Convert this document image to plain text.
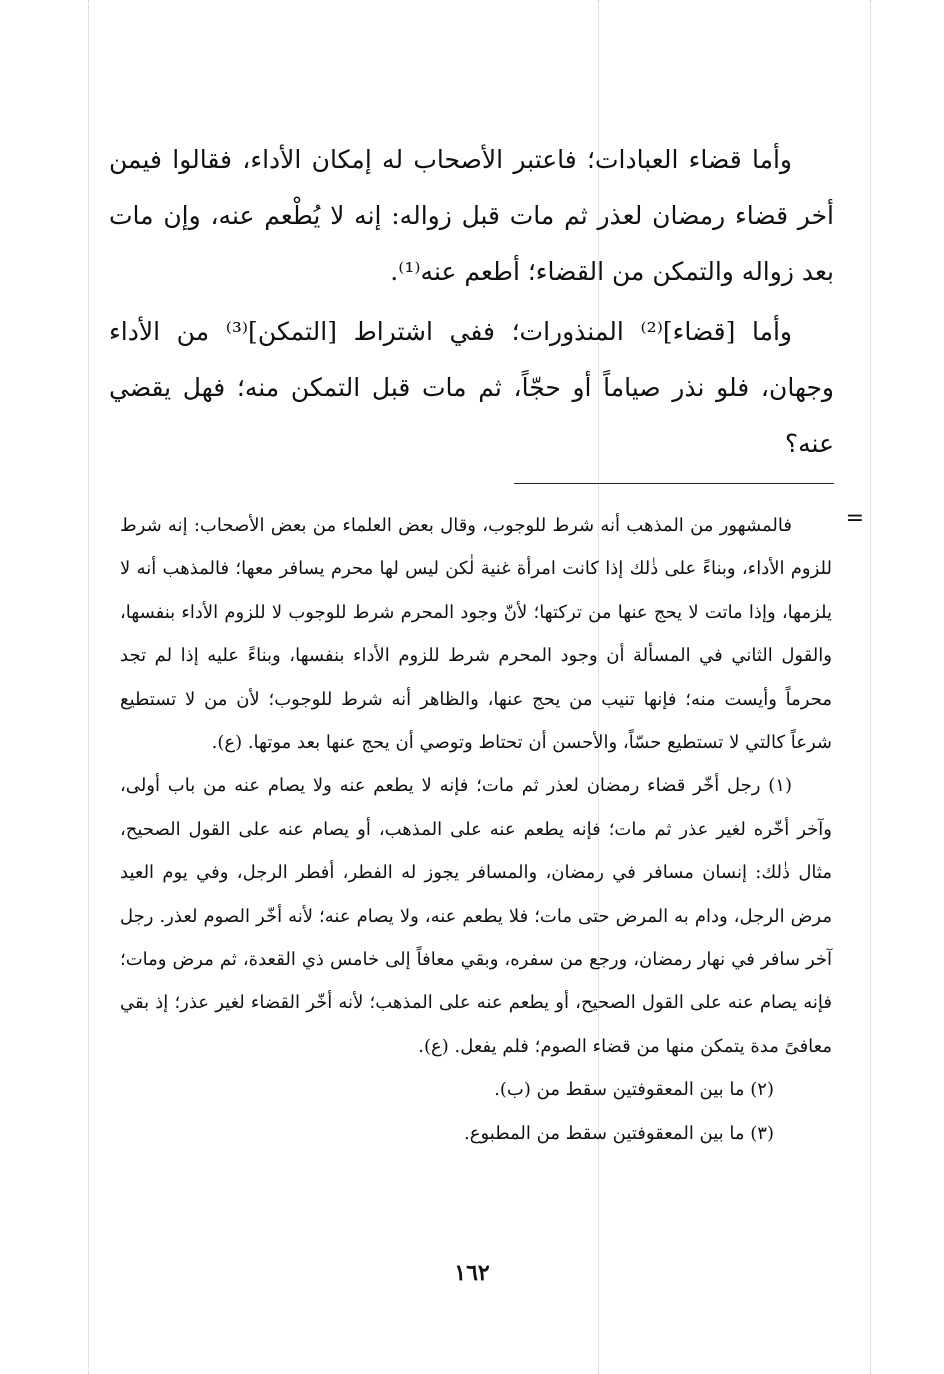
وأما قضاء العبادات؛ فاعتبر الأصحاب له إمكان الأداء، فقالوا فيمن أخر قضاء رمضان لعذر ثم مات قبل زواله: إنه لا يُطْعم عنه، وإن مات بعد زواله والتمكن من القضاء؛ أطعم عنه⁽¹⁾.

وأما [قضاء]⁽²⁾ المنذورات؛ ففي اشتراط [التمكن]⁽³⁾ من الأداء وجهان، فلو نذر صياماً أو حجّاً، ثم مات قبل التمكن منه؛ فهل يقضي عنه؟

=

فالمشهور من المذهب أنه شرط للوجوب، وقال بعض العلماء من بعض الأصحاب: إنه شرط للزوم الأداء، وبناءً على ذٰلك إذا كانت امرأة غنية لٰكن ليس لها محرم يسافر معها؛ فالمذهب أنه لا يلزمها، وإذا ماتت لا يحج عنها من تركتها؛ لأنّ وجود المحرم شرط للوجوب لا للزوم الأداء بنفسها، والقول الثاني في المسألة أن وجود المحرم شرط للزوم الأداء بنفسها، وبناءً عليه إذا لم تجد محرماً وأيست منه؛ فإنها تنيب من يحج عنها، والظاهر أنه شرط للوجوب؛ لأن من لا تستطيع شرعاً كالتي لا تستطيع حسّاً، والأحسن أن تحتاط وتوصي أن يحج عنها بعد موتها. (ع).

(١) رجل أخّر قضاء رمضان لعذر ثم مات؛ فإنه لا يطعم عنه ولا يصام عنه من باب أولى، وآخر أخّره لغير عذر ثم مات؛ فإنه يطعم عنه على المذهب، أو يصام عنه على القول الصحيح، مثال ذٰلك: إنسان مسافر في رمضان، والمسافر يجوز له الفطر، أفطر الرجل، وفي يوم العيد مرض الرجل، ودام به المرض حتى مات؛ فلا يطعم عنه، ولا يصام عنه؛ لأنه أخّر الصوم لعذر. رجل آخر سافر في نهار رمضان، ورجع من سفره، وبقي معافاً إلى خامس ذي القعدة، ثم مرض ومات؛ فإنه يصام عنه على القول الصحيح، أو يطعم عنه على المذهب؛ لأنه أخّر القضاء لغير عذر؛ إذ بقي معافىً مدة يتمكن منها من قضاء الصوم؛ فلم يفعل. (ع).

(٢) ما بين المعقوفتين سقط من (ب).

(٣) ما بين المعقوفتين سقط من المطبوع.

١٦٢
